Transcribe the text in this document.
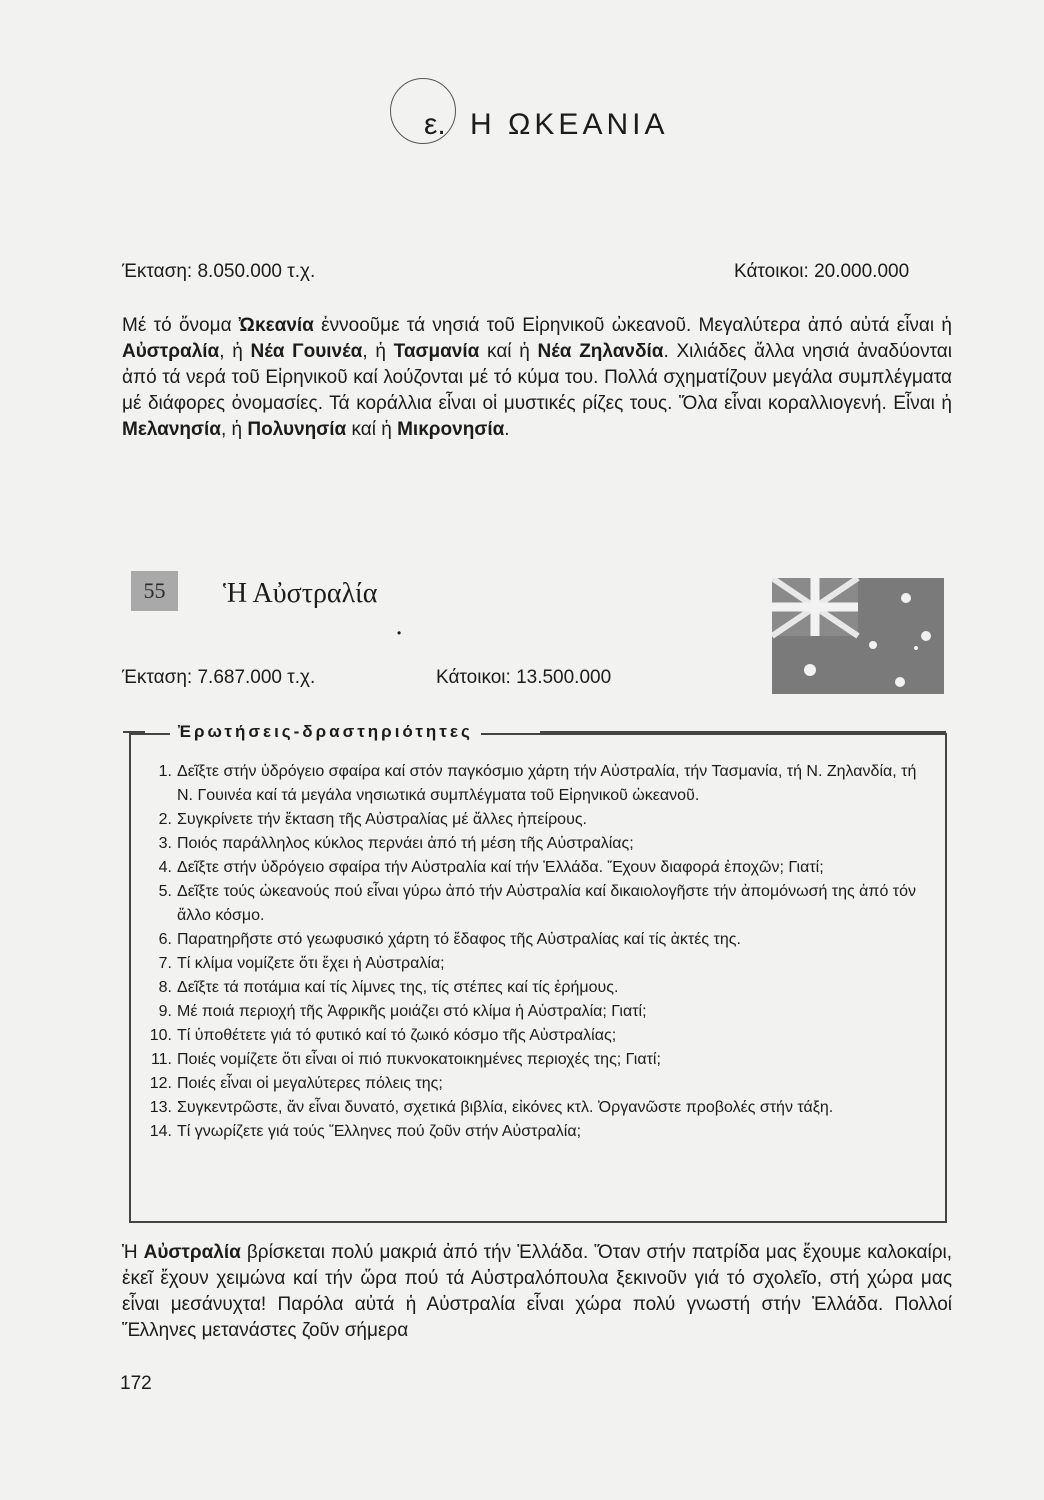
ε. Η ΩΚΕΑΝΙΑ
Έκταση: 8.050.000 τ.χ.	Κάτοικοι: 20.000.000

Μέ τό ὄνομα Ὠκεανία ἐννοοῦμε τά νησιά τοῦ Εἰρηνικοῦ ὠκεανοῦ. Μεγαλύτερα ἀπό αὐτά εἶναι ἡ Αὐστραλία, ἡ Νέα Γουινέα, ἡ Τασμανία καί ἡ Νέα Ζηλανδία. Χιλιάδες ἄλλα νησιά ἀναδύονται ἀπό τά νερά τοῦ Εἰρηνικοῦ καί λούζονται μέ τό κύμα του. Πολλά σχηματίζουν μεγάλα συμπλέγματα μέ διάφορες ὀνομασίες. Τά κοράλλια εἶναι οἱ μυστικές ρίζες τους. Ὅλα εἶναι κοραλλιογενή. Εἶναι ἡ Μελανησία, ἡ Πολυνησία καί ἡ Μικρονησία.

55	Ἡ Αὐστραλία
•
Έκταση: 7.687.000 τ.χ.	Κάτοικοι: 13.500.000
Ἐρωτήσεις-δραστηριότητες
1. Δεῖξτε στήν ὑδρόγειο σφαίρα καί στόν παγκόσμιο χάρτη τήν Αὐστραλία, τήν Τασμανία, τή Ν. Ζηλανδία, τή Ν. Γουινέα καί τά μεγάλα νησιωτικά συμπλέγματα τοῦ Εἰρηνικοῦ ὠκεανοῦ.
2. Συγκρίνετε τήν ἔκταση τῆς Αὐστραλίας μέ ἄλλες ἠπείρους.
3. Ποιός παράλληλος κύκλος περνάει ἀπό τή μέση τῆς Αὐστραλίας;
4. Δεῖξτε στήν ὑδρόγειο σφαίρα τήν Αὐστραλία καί τήν Ἑλλάδα. Ἔχουν διαφορά ἐποχῶν; Γιατί;
5. Δεῖξτε τούς ὠκεανούς πού εἶναι γύρω ἀπό τήν Αὐστραλία καί δικαιολογῆστε τήν ἀπομόνωσή της ἀπό τόν ἄλλο κόσμο.
6. Παρατηρῆστε στό γεωφυσικό χάρτη τό ἔδαφος τῆς Αὐστραλίας καί τίς ἀκτές της.
7. Τί κλίμα νομίζετε ὅτι ἔχει ἡ Αὐστραλία;
8. Δεῖξτε τά ποτάμια καί τίς λίμνες της, τίς στέπες καί τίς ἐρήμους.
9. Μέ ποιά περιοχή τῆς Ἀφρικῆς μοιάζει στό κλίμα ἡ Αὐστραλία; Γιατί;
10. Τί ὑποθέτετε γιά τό φυτικό καί τό ζωικό κόσμο τῆς Αὐστραλίας;
11. Ποιές νομίζετε ὅτι εἶναι οἱ πιό πυκνοκατοικημένες περιοχές της; Γιατί;
12. Ποιές εἶναι οἱ μεγαλύτερες πόλεις της;
13. Συγκεντρῶστε, ἄν εἶναι δυνατό, σχετικά βιβλία, εἰκόνες κτλ. Ὀργανῶστε προβολές στήν τάξη.
14. Τί γνωρίζετε γιά τούς Ἕλληνες πού ζοῦν στήν Αὐστραλία;

Ἡ Αὐστραλία βρίσκεται πολύ μακριά ἀπό τήν Ἑλλάδα. Ὅταν στήν πατρίδα μας ἔχουμε καλοκαίρι, ἐκεῖ ἔχουν χειμώνα καί τήν ὥρα πού τά Αὐστραλόπουλα ξεκινοῦν γιά τό σχολεῖο, στή χώρα μας εἶναι μεσάνυχτα! Παρόλα αὐτά ἡ Αὐστραλία εἶναι χώρα πολύ γνωστή στήν Ἑλλάδα. Πολλοί Ἕλληνες μετανάστες ζοῦν σήμερα

172
